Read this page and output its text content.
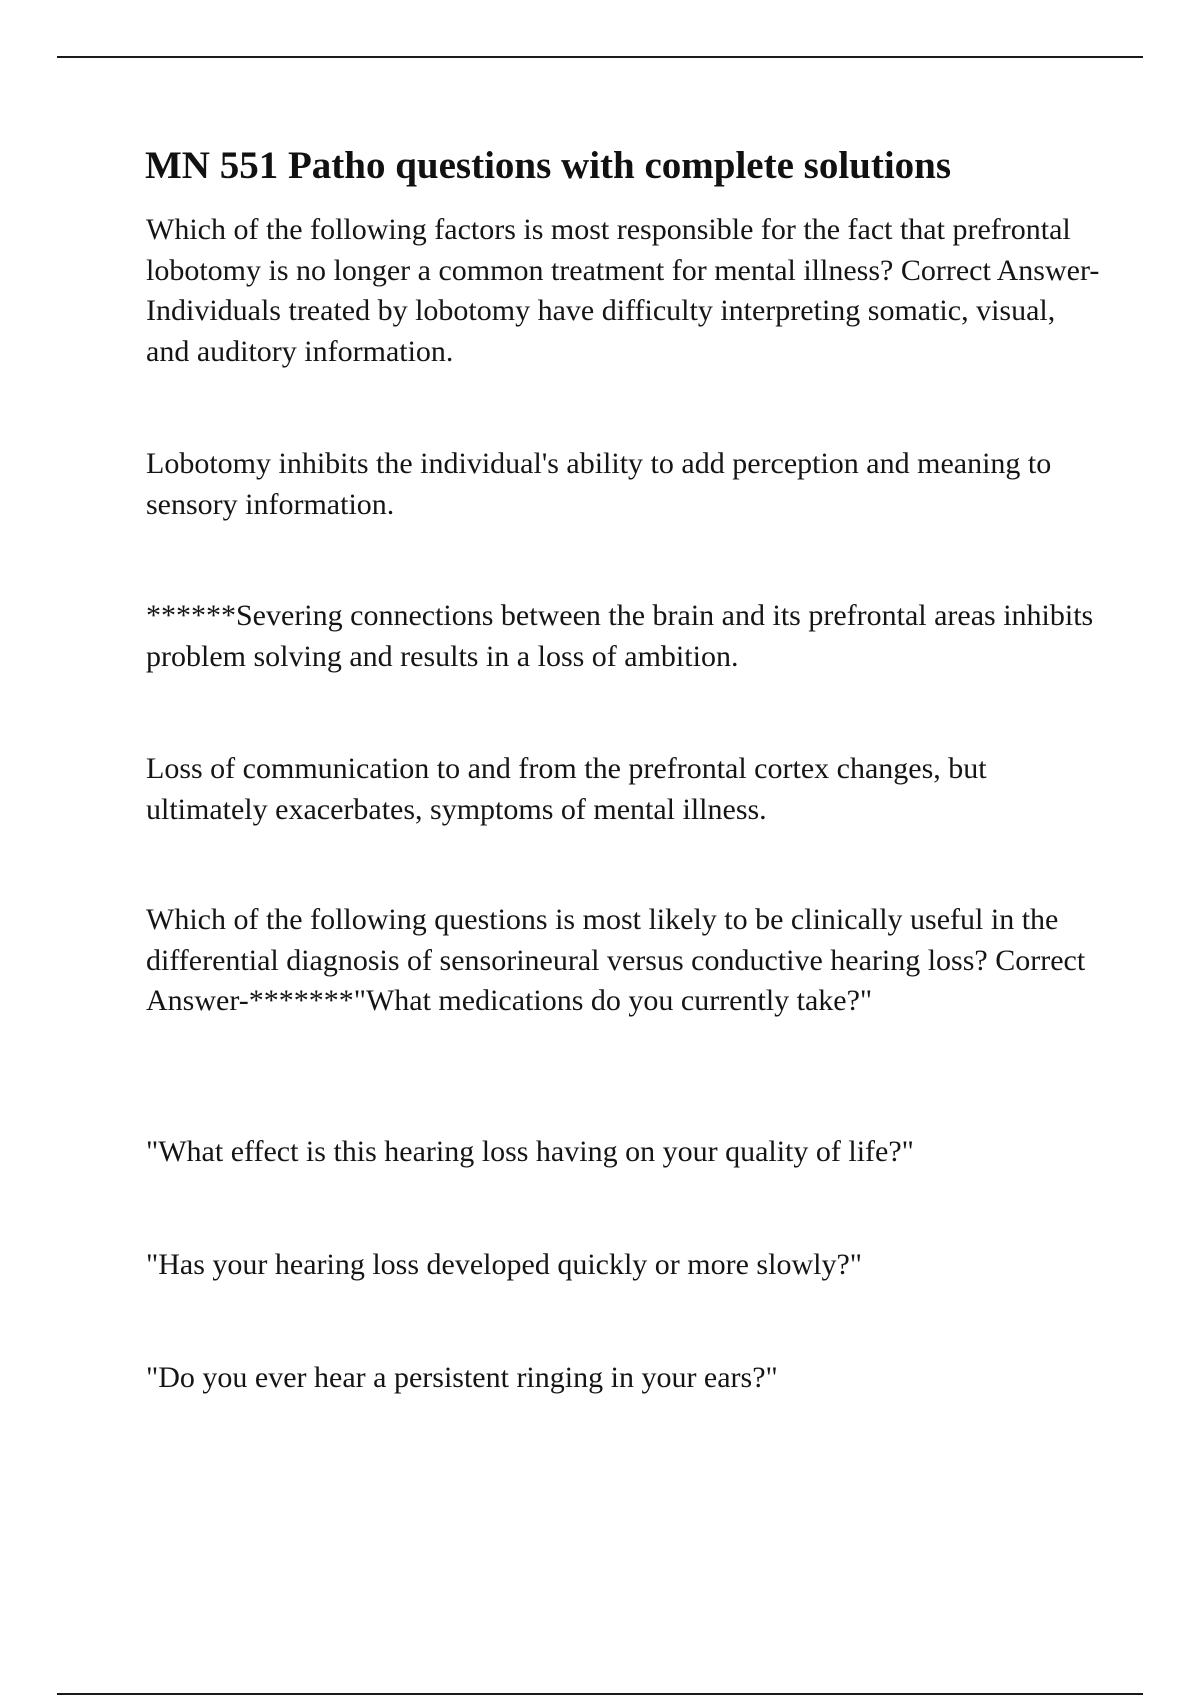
MN 551 Patho questions with complete solutions

Which of the following factors is most responsible for the fact that prefrontal lobotomy is no longer a common treatment for mental illness? Correct Answer-Individuals treated by lobotomy have difficulty interpreting somatic, visual, and auditory information.

Lobotomy inhibits the individual's ability to add perception and meaning to sensory information.

******Severing connections between the brain and its prefrontal areas inhibits problem solving and results in a loss of ambition.

Loss of communication to and from the prefrontal cortex changes, but ultimately exacerbates, symptoms of mental illness.

Which of the following questions is most likely to be clinically useful in the differential diagnosis of sensorineural versus conductive hearing loss? Correct Answer-*******"What medications do you currently take?"

"What effect is this hearing loss having on your quality of life?"

"Has your hearing loss developed quickly or more slowly?"

"Do you ever hear a persistent ringing in your ears?"
